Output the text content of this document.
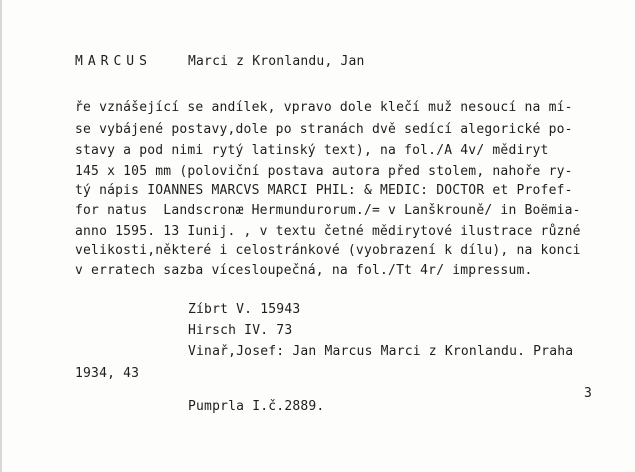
MARCUS	Marci z Kronlandu, Jan
ře vznášející se andílek, vpravo dole klečí muž nesoucí na mí-
se vybájené postavy,dole po stranách dvě sedící alegorické po-
stavy a pod nimi rytý latinský text), na fol./A 4v/ mědiryt
145 x 105 mm (poloviční postava autora před stolem, nahoře ry-
tý nápis IOANNES MARCVS MARCI PHIL: & MEDIC: DOCTOR et Profef-
for natus  Landscronæ Hermundurorum./= v Lanškrouně/ in Boëmia-
anno 1595. 13 Iunij. , v textu četné mědirytové ilustrace různé
velikosti,některé i celostránkové (vyobrazení k dílu), na konci
v erratech sazba vícesloupečná, na fol./Tt 4r/ impressum.
Zíbrt V. 15943
Hirsch IV. 73
Vinař,Josef: Jan Marcus Marci z Kronlandu. Praha
1934, 43
3
Pumprla I.č.2889.
